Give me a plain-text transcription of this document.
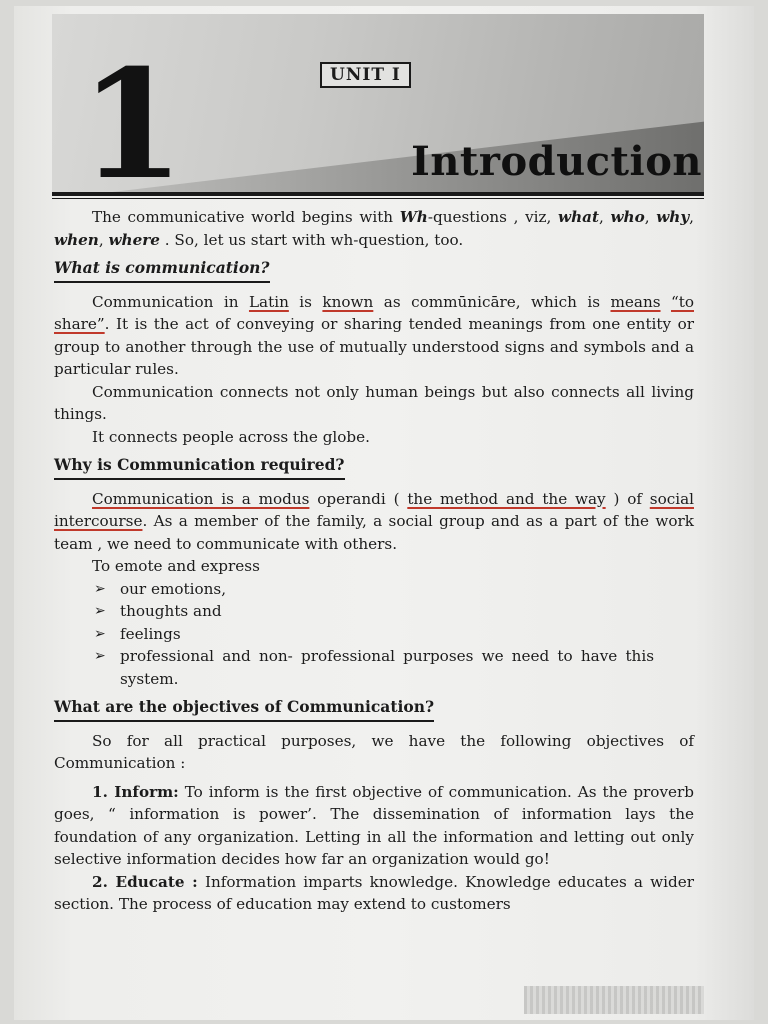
1	UNIT I
Introduction

The communicative world begins with Wh-questions , viz, what, who, why, when, where . So, let us start with wh-question, too.

What is communication?

Communication in Latin is known as commūnicāre, which is means “to share”. It is the act of conveying or sharing tended meanings from one entity or group to another through the use of mutually understood signs and symbols and a particular rules.

Communication connects not only human beings but also connects all living things.

It connects people across the globe.

Why is Communication required?

Communication is a modus operandi ( the method and the way ) of social intercourse. As a member of the family, a social group and as a part of the work team , we need to communicate with others.

To emote and express
➢ our emotions,
➢ thoughts and
➢ feelings
➢ professional and non- professional purposes we need to have this system.
What are the objectives of Communication?

So for all practical purposes, we have the following objectives of Communication :

1. Inform: To inform is the first objective of communication. As the proverb goes, “ information is power’. The dissemination of information lays the foundation of any organization. Letting in all the information and letting out only selective information decides how far an organization would go!

2. Educate : Information imparts knowledge. Knowledge educates a wider section. The process of education may extend to customers
